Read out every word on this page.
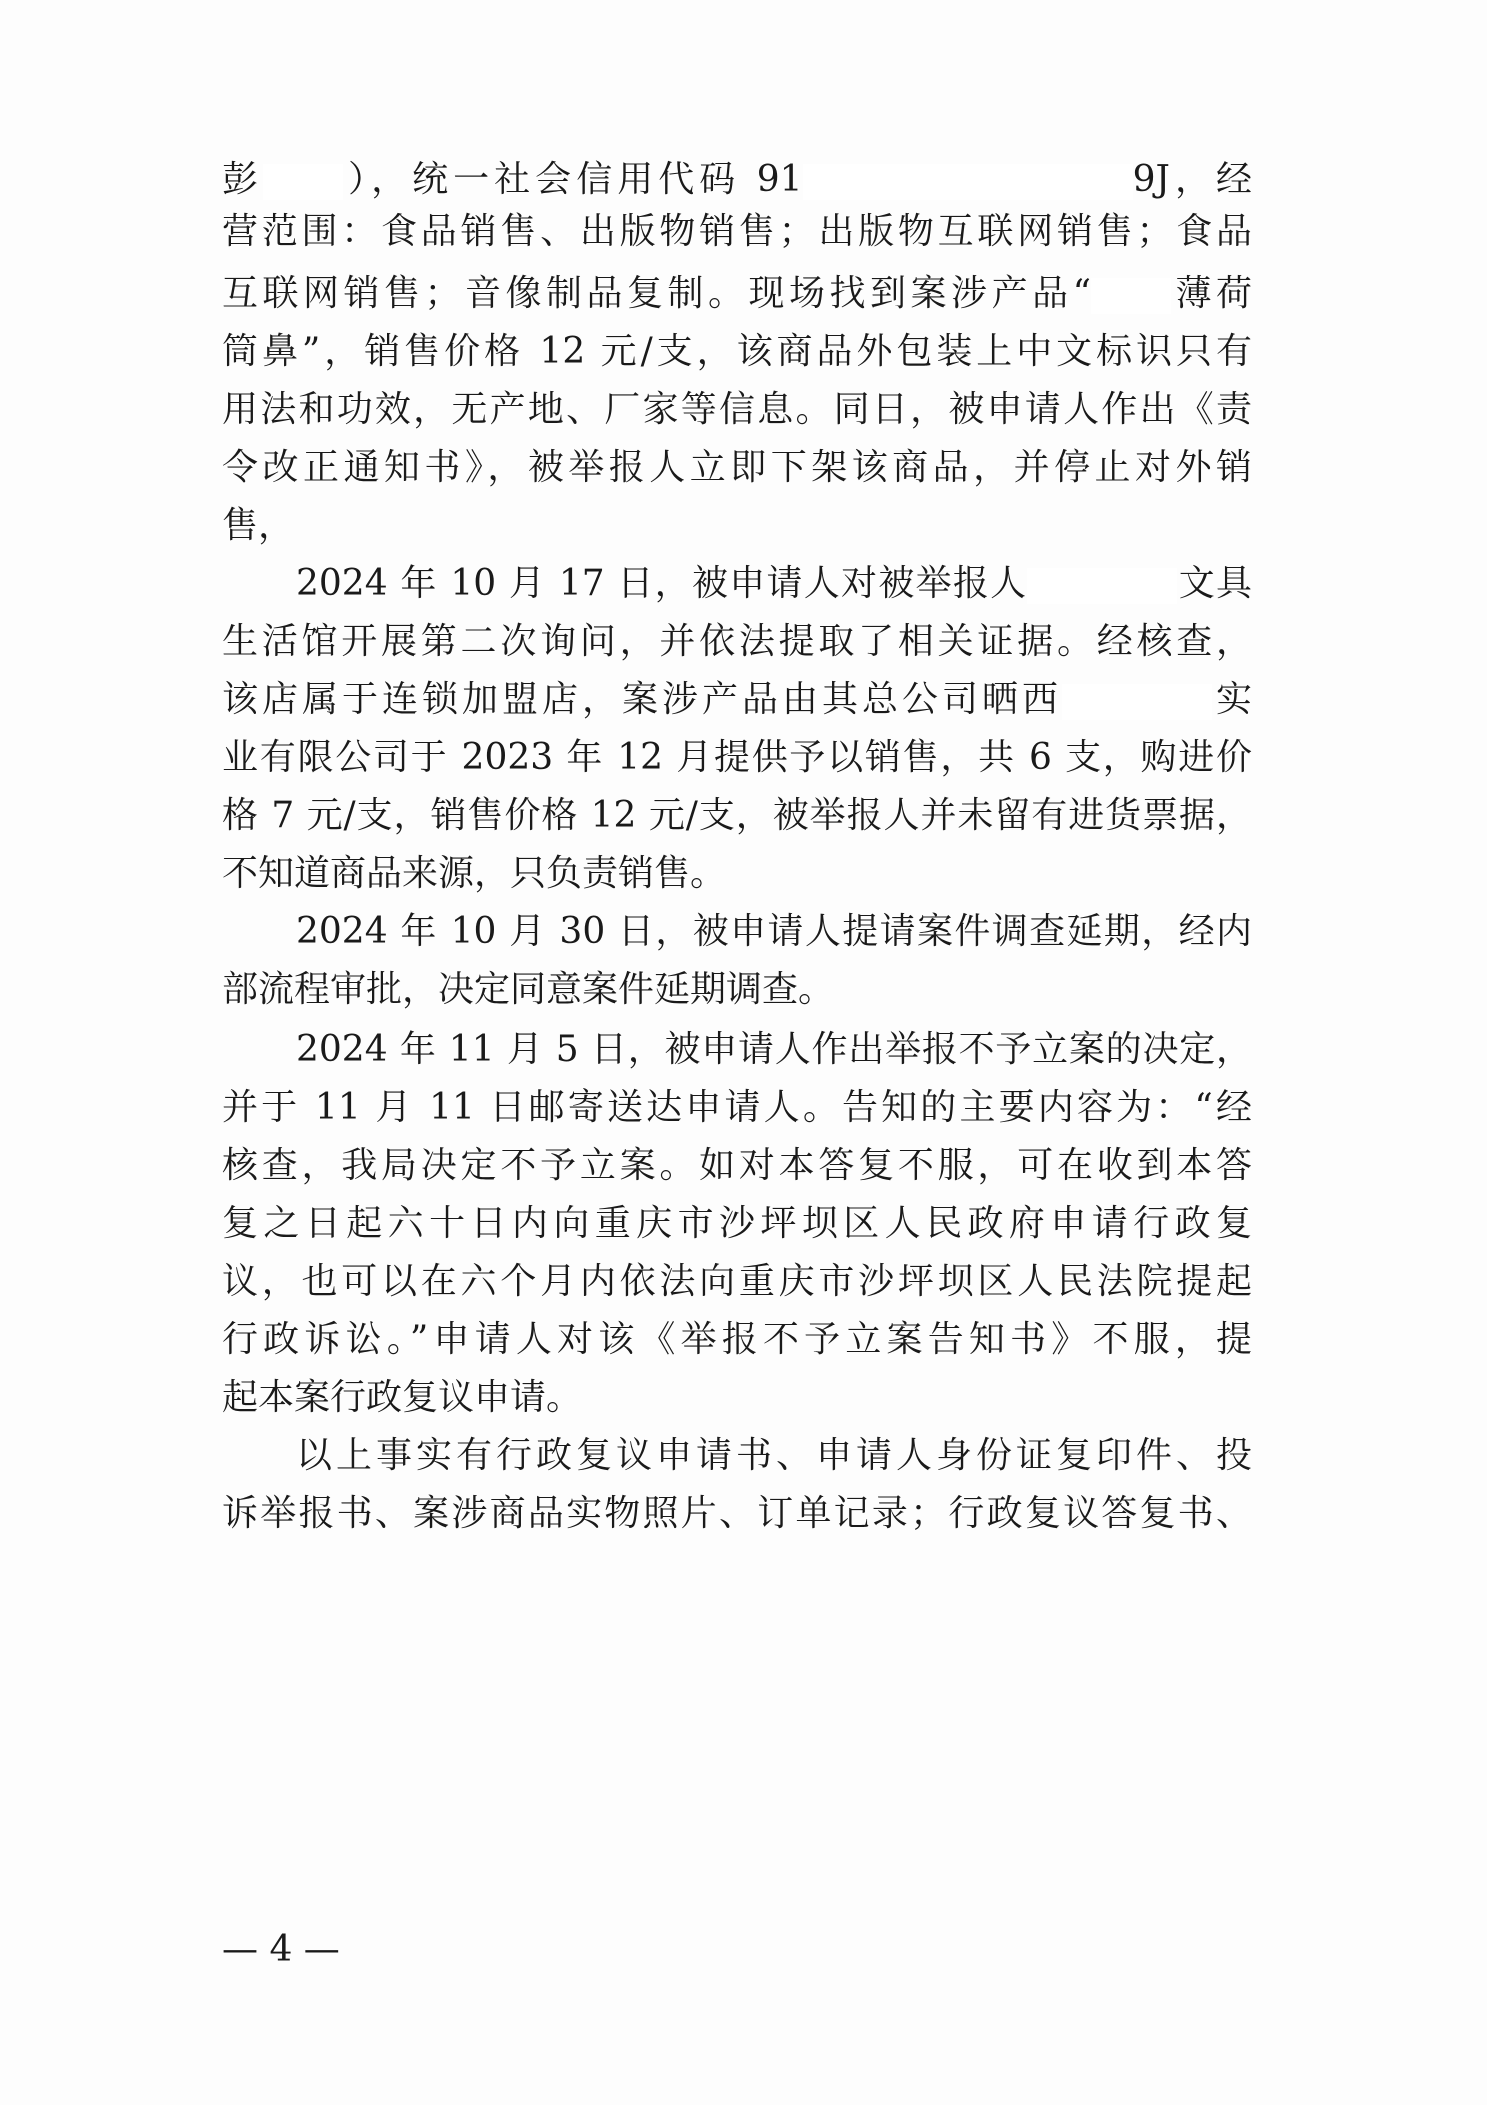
彭 ），统一社会信用代码 91	9J，经
营范围：食品销售、出版物销售；出版物互联网销售；食品
互联网销售；音像制品复制。现场找到案涉产品“ 薄荷
筒鼻”，销售价格 12 元/支，该商品外包装上中文标识只有
用法和功效，无产地、厂家等信息。同日，被申请人作出《责
令改正通知书》，被举报人立即下架该商品，并停止对外销
售，
2024 年 10 月 17 日，被申请人对被举报人	文具
生活馆开展第二次询问，并依法提取了相关证据。经核查，
该店属于连锁加盟店，案涉产品由其总公司晒西	实
业有限公司于 2023 年 12 月提供予以销售，共 6 支，购进价
格 7 元/支，销售价格 12 元/支，被举报人并未留有进货票据，
不知道商品来源，只负责销售。
2024 年 10 月 30 日，被申请人提请案件调查延期，经内
部流程审批，决定同意案件延期调查。
2024 年 11 月 5 日，被申请人作出举报不予立案的决定，
并于 11 月 11 日邮寄送达申请人。告知的主要内容为：“经
核查，我局决定不予立案。如对本答复不服，可在收到本答
复之日起六十日内向重庆市沙坪坝区人民政府申请行政复
议，也可以在六个月内依法向重庆市沙坪坝区人民法院提起
行政诉讼。”申请人对该《举报不予立案告知书》不服，提
起本案行政复议申请。
以上事实有行政复议申请书、申请人身份证复印件、投
诉举报书、案涉商品实物照片、订单记录；行政复议答复书、
— 4 —
